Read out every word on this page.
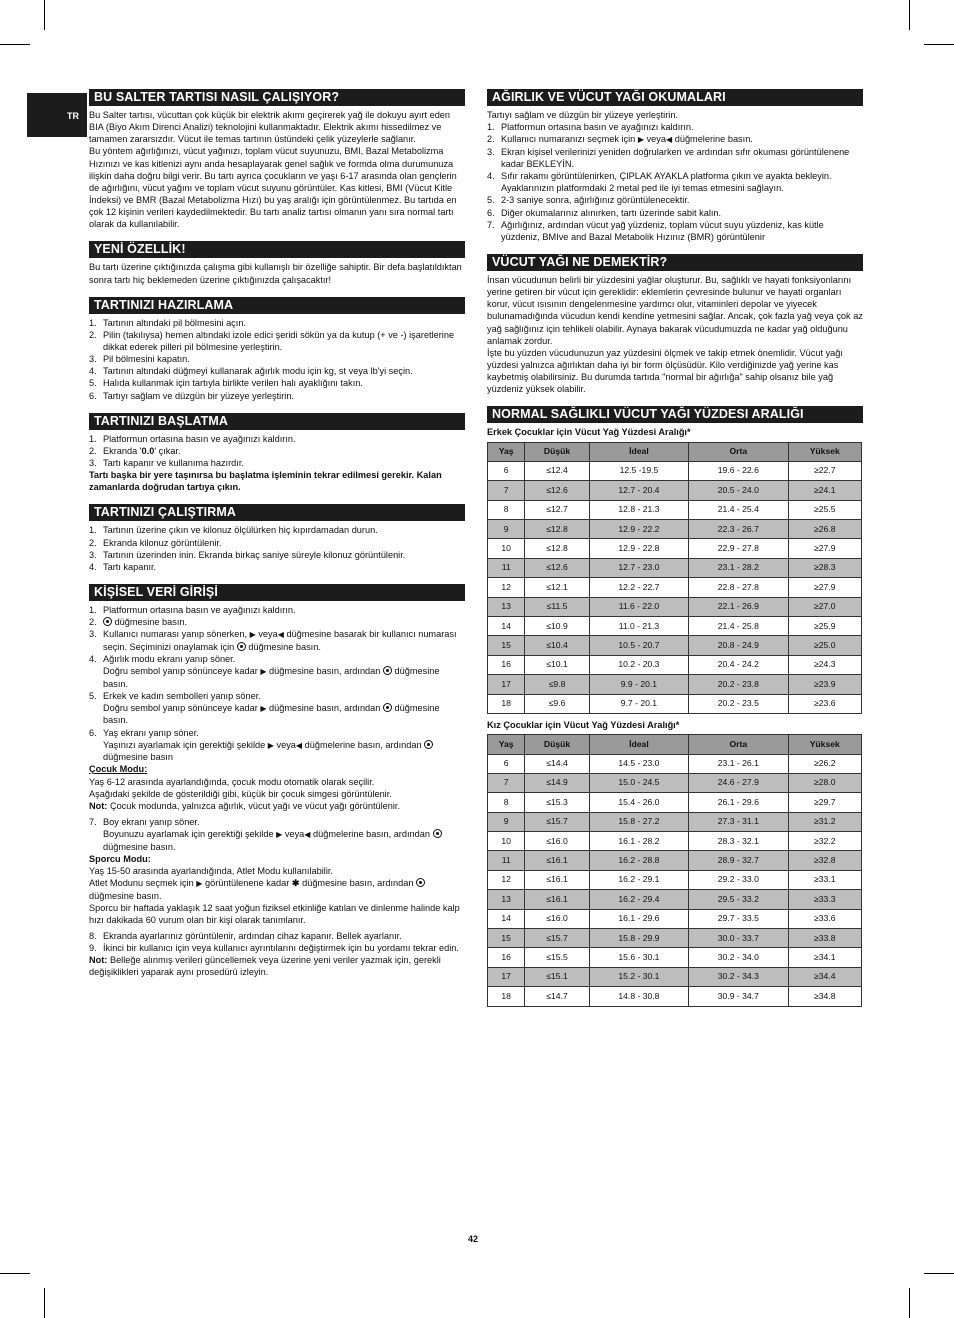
TR
BU SALTER TARTISI NASIL ÇALIŞIYOR?

Bu Salter tartısı, vücuttan çok küçük bir elektrik akımı geçirerek yağ ile dokuyu ayırt eden BIA (Biyo Akım Direnci Analizi) teknolojini kullanmaktadır. Elektrik akımı hissedilmez ve tamamen zararsızdır. Vücut ile temas tartının üstündeki çelik yüzeylerle sağlanır.

Bu yöntem ağırlığınızı, vücut yağınızı, toplam vücut suyunuzu, BMI, Bazal Metabolizma Hızınızı ve kas kitlenizi aynı anda hesaplayarak genel sağlık ve formda olma durumunuza ilişkin daha doğru bilgi verir. Bu tartı ayrıca çocukların ve yaşı 6-17 arasında olan gençlerin de ağırlığını, vücut yağını ve toplam vücut suyunu görüntüler. Kas kitlesi, BMI (Vücut Kitle İndeksi) ve BMR (Bazal Metabolizma Hızı) bu yaş aralığı için görüntülenmez. Bu tartıda en çok 12 kişinin verileri kaydedilmektedir. Bu tartı analiz tartısı olmanın yanı sıra normal tartı olarak da kullanılabilir.

YENİ ÖZELLİK!

Bu tartı üzerine çıktığınızda çalışma gibi kullanışlı bir özelliğe sahiptir. Bir defa başlatıldıktan sonra tartı hiç beklemeden üzerine çıktığınızda çalışacaktır!

TARTINIZI HAZIRLAMA
1. Tartının altındaki pil bölmesini açın.
2. Pilin (takılıysa) hemen altındaki izole edici şeridi sökün ya da kutup (+ ve -) işaretlerine dikkat ederek pilleri pil bölmesine yerleştirin.
3. Pil bölmesini kapatın.
4. Tartının altındaki düğmeyi kullanarak ağırlık modu için kg, st veya lb'yi seçin.
5. Halıda kullanmak için tartıyla birlikte verilen halı ayaklığını takın.
6. Tartıyı sağlam ve düzgün bir yüzeye yerleştirin.
TARTINIZI BAŞLATMA
1. Platformun ortasına basın ve ayağınızı kaldırın.
2. Ekranda '0.0' çıkar.
3. Tartı kapanır ve kullanıma hazırdır.

Tartı başka bir yere taşınırsa bu başlatma işleminin tekrar edilmesi gerekir. Kalan zamanlarda doğrudan tartıya çıkın.

TARTINIZI ÇALIŞTIRMA
1. Tartının üzerine çıkın ve kilonuz ölçülürken hiç kıpırdamadan durun.
2. Ekranda kilonuz görüntülenir.
3. Tartının üzerinden inin. Ekranda birkaç saniye süreyle kilonuz görüntülenir.
4. Tartı kapanır.
KİŞİSEL VERİ GİRİŞİ
1. Platformun ortasına basın ve ayağınızı kaldırın.
2. düğmesine basın.
3. Kullanıcı numarası yanıp sönerken, ▶ veya◀ düğmesine basarak bir kullanıcı numarası seçin. Seçiminizi onaylamak için düğmesine basın.
4. Ağırlık modu ekranı yanıp söner.
Doğru sembol yanıp sönünceye kadar ▶ düğmesine basın, ardından düğmesine basın.
5. Erkek ve kadın sembolleri yanıp söner.
Doğru sembol yanıp sönünceye kadar ▶ düğmesine basın, ardından düğmesine basın.
6. Yaş ekranı yanıp söner.
Yaşınızı ayarlamak için gerektiği şekilde ▶ veya◀ düğmelerine basın, ardından  düğmesine basın

Çocuk Modu:

Yaş 6-12 arasında ayarlandığında, çocuk modu otomatik olarak seçilir.

Aşağıdaki şekilde de gösterildiği gibi, küçük bir çocuk simgesi görüntülenir.

Not: Çocuk modunda, yalnızca ağırlık, vücut yağı ve vücut yağı görüntülenir.

7. Boy ekranı yanıp söner.
Boyunuzu ayarlamak için gerektiği şekilde ▶ veya◀ düğmelerine basın, ardından  düğmesine basın.

Sporcu Modu:

Yaş 15-50 arasında ayarlandığında, Atlet Modu kullanılabilir.

Atlet Modunu seçmek için ▶ görüntülenene kadar ✱ düğmesine basın, ardından  düğmesine basın.

Sporcu bir haftada yaklaşık 12 saat yoğun fiziksel etkinliğe katılan ve dinlenme halinde kalp hızı dakikada 60 vurum olan bir kişi olarak tanımlanır.

8. Ekranda ayarlarınız görüntülenir, ardından cihaz kapanır. Bellek ayarlanır.
9. İkinci bir kullanıcı için veya kullanıcı ayrıntılarını değiştirmek için bu yordamı tekrar edin.

Not: Belleğe alınmış verileri güncellemek veya üzerine yeni veriler yazmak için, gerekli değişiklikleri yaparak aynı prosedürü izleyin.

AĞIRLIK VE VÜCUT YAĞI OKUMALARI

Tartıyı sağlam ve düzgün bir yüzeye yerleştirin.

1. Platformun ortasına basın ve ayağınızı kaldırın.
2. Kullanıcı numaranızı seçmek için ▶ veya◀ düğmelerine basın.
3. Ekran kişisel verilerinizi yeniden doğrularken ve ardından sıfır okuması görüntülenene kadar BEKLEYİN.
4. Sıfır rakamı görüntülenirken, ÇIPLAK AYAKLA platforma çıkın ve ayakta bekleyin. Ayaklarınızın platformdaki 2 metal ped ile iyi temas etmesini sağlayın.
5. 2-3 saniye sonra, ağırlığınız görüntülenecektir.
6. Diğer okumalarınız alınırken, tartı üzerinde sabit kalın.
7. Ağırlığınız, ardından vücut yağ yüzdeniz, toplam vücut suyu yüzdeniz, kas kütle yüzdeniz, BMIve and Bazal Metabolik Hızınız (BMR) görüntülenir
VÜCUT YAĞI NE DEMEKTİR?

İnsan vücudunun belirli bir yüzdesini yağlar oluşturur. Bu, sağlıklı ve hayati fonksiyonlarını yerine getiren bir vücut için gereklidir: eklemlerin çevresinde bulunur ve hayati organları korur, vücut ısısının dengelenmesine yardımcı olur, vitaminleri depolar ve yiyecek bulunamadığında vücudun kendi kendine yetmesini sağlar. Ancak, çok fazla yağ veya çok az yağ sağlığınız için tehlikeli olabilir. Aynaya bakarak vücudumuzda ne kadar yağ olduğunu anlamak zordur.

İşte bu yüzden vücudunuzun yaz yüzdesini ölçmek ve takip etmek önemlidir. Vücut yağı yüzdesi yalnızca ağırlıktan daha iyi bir form ölçüsüdür. Kilo verdiğinizde yağ yerine kas kaybetmiş olabilirsiniz. Bu durumda tartıda "normal bir ağırlığa" sahip olsanız bile yağ yüzdeniz yüksek olabilir.

NORMAL SAĞLIKLI VÜCUT YAĞI YÜZDESI ARALIĞI

Erkek Çocuklar için Vücut Yağ Yüzdesi Aralığı*

Yaş	Düşük	İdeal	Orta	Yüksek
6	≤12.4	12.5 -19.5	19.6 - 22.6	≥22.7
7	≤12.6	12.7 - 20.4	20.5 - 24.0	≥24.1
8	≤12.7	12.8 - 21.3	21.4 - 25.4	≥25.5
9	≤12.8	12.9 - 22.2	22.3 - 26.7	≥26.8
10	≤12.8	12.9 - 22.8	22.9 - 27.8	≥27.9
11	≤12.6	12.7 - 23.0	23.1 - 28.2	≥28.3
12	≤12.1	12.2 - 22.7	22.8 - 27.8	≥27.9
13	≤11.5	11.6 - 22.0	22.1 - 26.9	≥27.0
14	≤10.9	11.0 - 21.3	21.4 - 25.8	≥25.9
15	≤10.4	10.5 - 20.7	20.8 - 24.9	≥25.0
16	≤10.1	10.2 - 20.3	20.4 - 24.2	≥24.3
17	≤9.8	9.9 - 20.1	20.2 - 23.8	≥23.9
18	≤9.6	9.7 - 20.1	20.2 - 23.5	≥23.6

Kız Çocuklar için Vücut Yağ Yüzdesi Aralığı*

Yaş	Düşük	İdeal	Orta	Yüksek
6	≤14.4	14.5 - 23.0	23.1 - 26.1	≥26.2
7	≤14.9	15.0 - 24.5	24.6 - 27.9	≥28.0
8	≤15.3	15.4 - 26.0	26.1 - 29.6	≥29.7
9	≤15.7	15.8 - 27.2	27.3 - 31.1	≥31.2
10	≤16.0	16.1 - 28.2	28.3 - 32.1	≥32.2
11	≤16.1	16.2 - 28.8	28.9 - 32.7	≥32.8
12	≤16.1	16.2 - 29.1	29.2 - 33.0	≥33.1
13	≤16.1	16.2 - 29.4	29.5 - 33.2	≥33.3
14	≤16.0	16.1 - 29.6	29.7 - 33.5	≥33.6
15	≤15.7	15.8 - 29.9	30.0 - 33.7	≥33.8
16	≤15.5	15.6 - 30.1	30.2 - 34.0	≥34.1
17	≤15.1	15.2 - 30.1	30.2 - 34.3	≥34.4
18	≤14.7	14.8 - 30.8	30.9 - 34.7	≥34.8
42
